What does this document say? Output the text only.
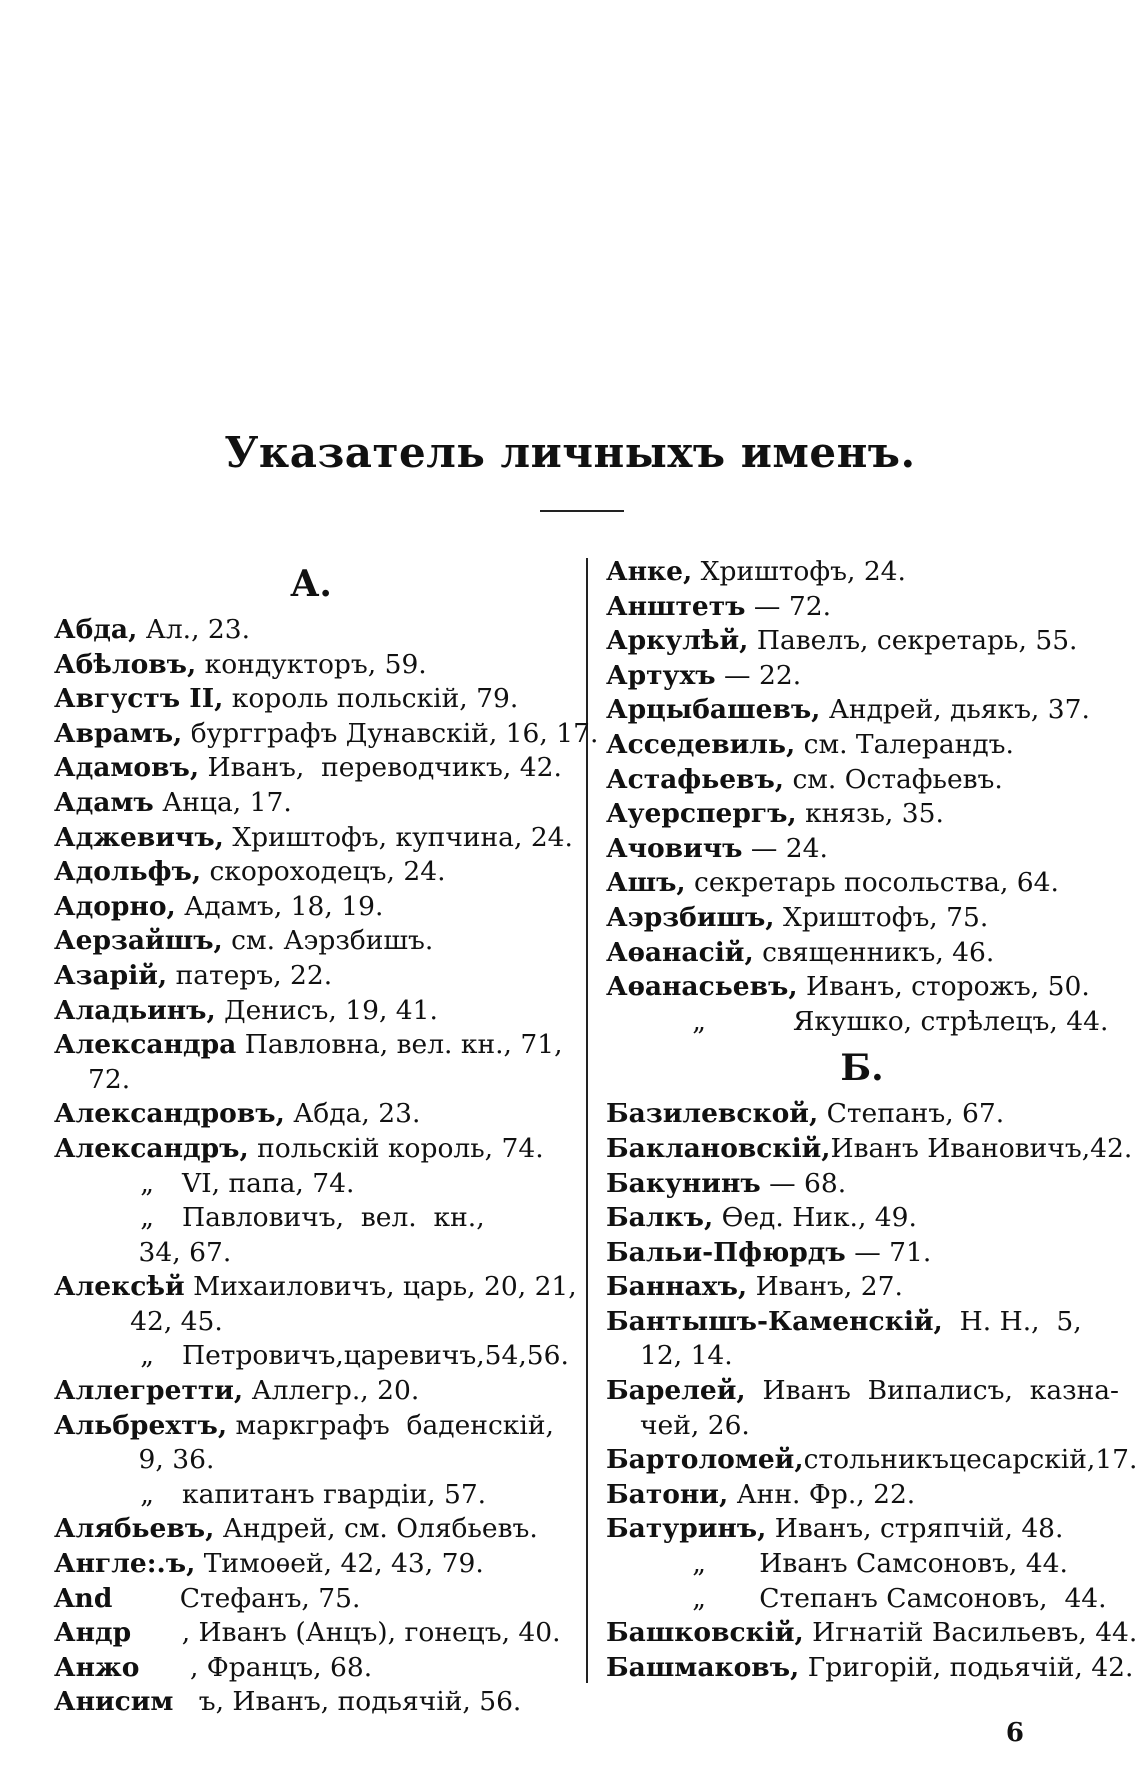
Указатель личныхъ именъ.
А.
Абда, Ал., 23.
Абѣловъ, кондукторъ, 59.
Августъ II, король польскій, 79.
Аврамъ, бургграфъ Дунавскій, 16, 17.
Адамовъ, Иванъ,  переводчикъ, 42.
Адамъ Анца, 17.
Аджевичъ, Хриштофъ, купчина, 24.
Адольфъ, скороходецъ, 24.
Адорно, Адамъ, 18, 19.
Аерзайшъ, см. Аэрзбишъ.
Азарій, патеръ, 22.
Аладьинъ, Денисъ, 19, 41.
Александра Павловна, вел. кн., 71,
72.
Александровъ, Абда, 23.
Александръ, польскій король, 74.
„ VI, папа, 74.
„ Павловичъ,  вел.  кн.,
34, 67.
Алексѣй Михаиловичъ, царь, 20, 21,
42, 45.
„ Петровичъ,царевичъ,54,56.
Аллегретти, Аллегр., 20.
Альбрехтъ, маркграфъ  баденскій,
9, 36.
„ капитанъ гвардіи, 57.
Алябьевъ, Андрей, см. Олябьевъ.
Англе:.ъ, Тимоѳей, 42, 43, 79.
And        Стефанъ, 75.
Андр      , Иванъ (Анцъ), гонецъ, 40.
Анжо      , Францъ, 68.
Анисим   ъ, Иванъ, подьячій, 56.
Анке, Хриштофъ, 24.
Анштетъ — 72.
Аркулѣй, Павелъ, секретарь, 55.
Артухъ — 22.
Арцыбашевъ, Андрей, дьякъ, 37.
Асседевиль, см. Талерандъ.
Астафьевъ, см. Остафьевъ.
Ауерспергъ, князь, 35.
Ачовичъ — 24.
Ашъ, секретарь посольства, 64.
Аэрзбишъ, Хриштофъ, 75.
Аѳанасій, священникъ, 46.
Аѳанасьевъ, Иванъ, сторожъ, 50.
„       Якушко, стрѣлецъ, 44.
Б.
Базилевской, Степанъ, 67.
Баклановскій,Иванъ Ивановичъ,42.
Бакунинъ — 68.
Балкъ, Ѳед. Ник., 49.
Бальи-Пфюрдъ — 71.
Баннахъ, Иванъ, 27.
Бантышъ-Каменскій,  Н. Н.,  5,
12, 14.
Барелей,  Иванъ  Випалисъ,  казна-
чей, 26.
Бартоломей,стольникъцесарскій,17.
Батони, Анн. Фр., 22.
Батуринъ, Иванъ, стряпчій, 48.
„   Иванъ Самсоновъ, 44.
„   Степанъ Самсоновъ,  44.
Башковскій, Игнатій Васильевъ, 44.
Башмаковъ, Григорій, подьячій, 42.
6
